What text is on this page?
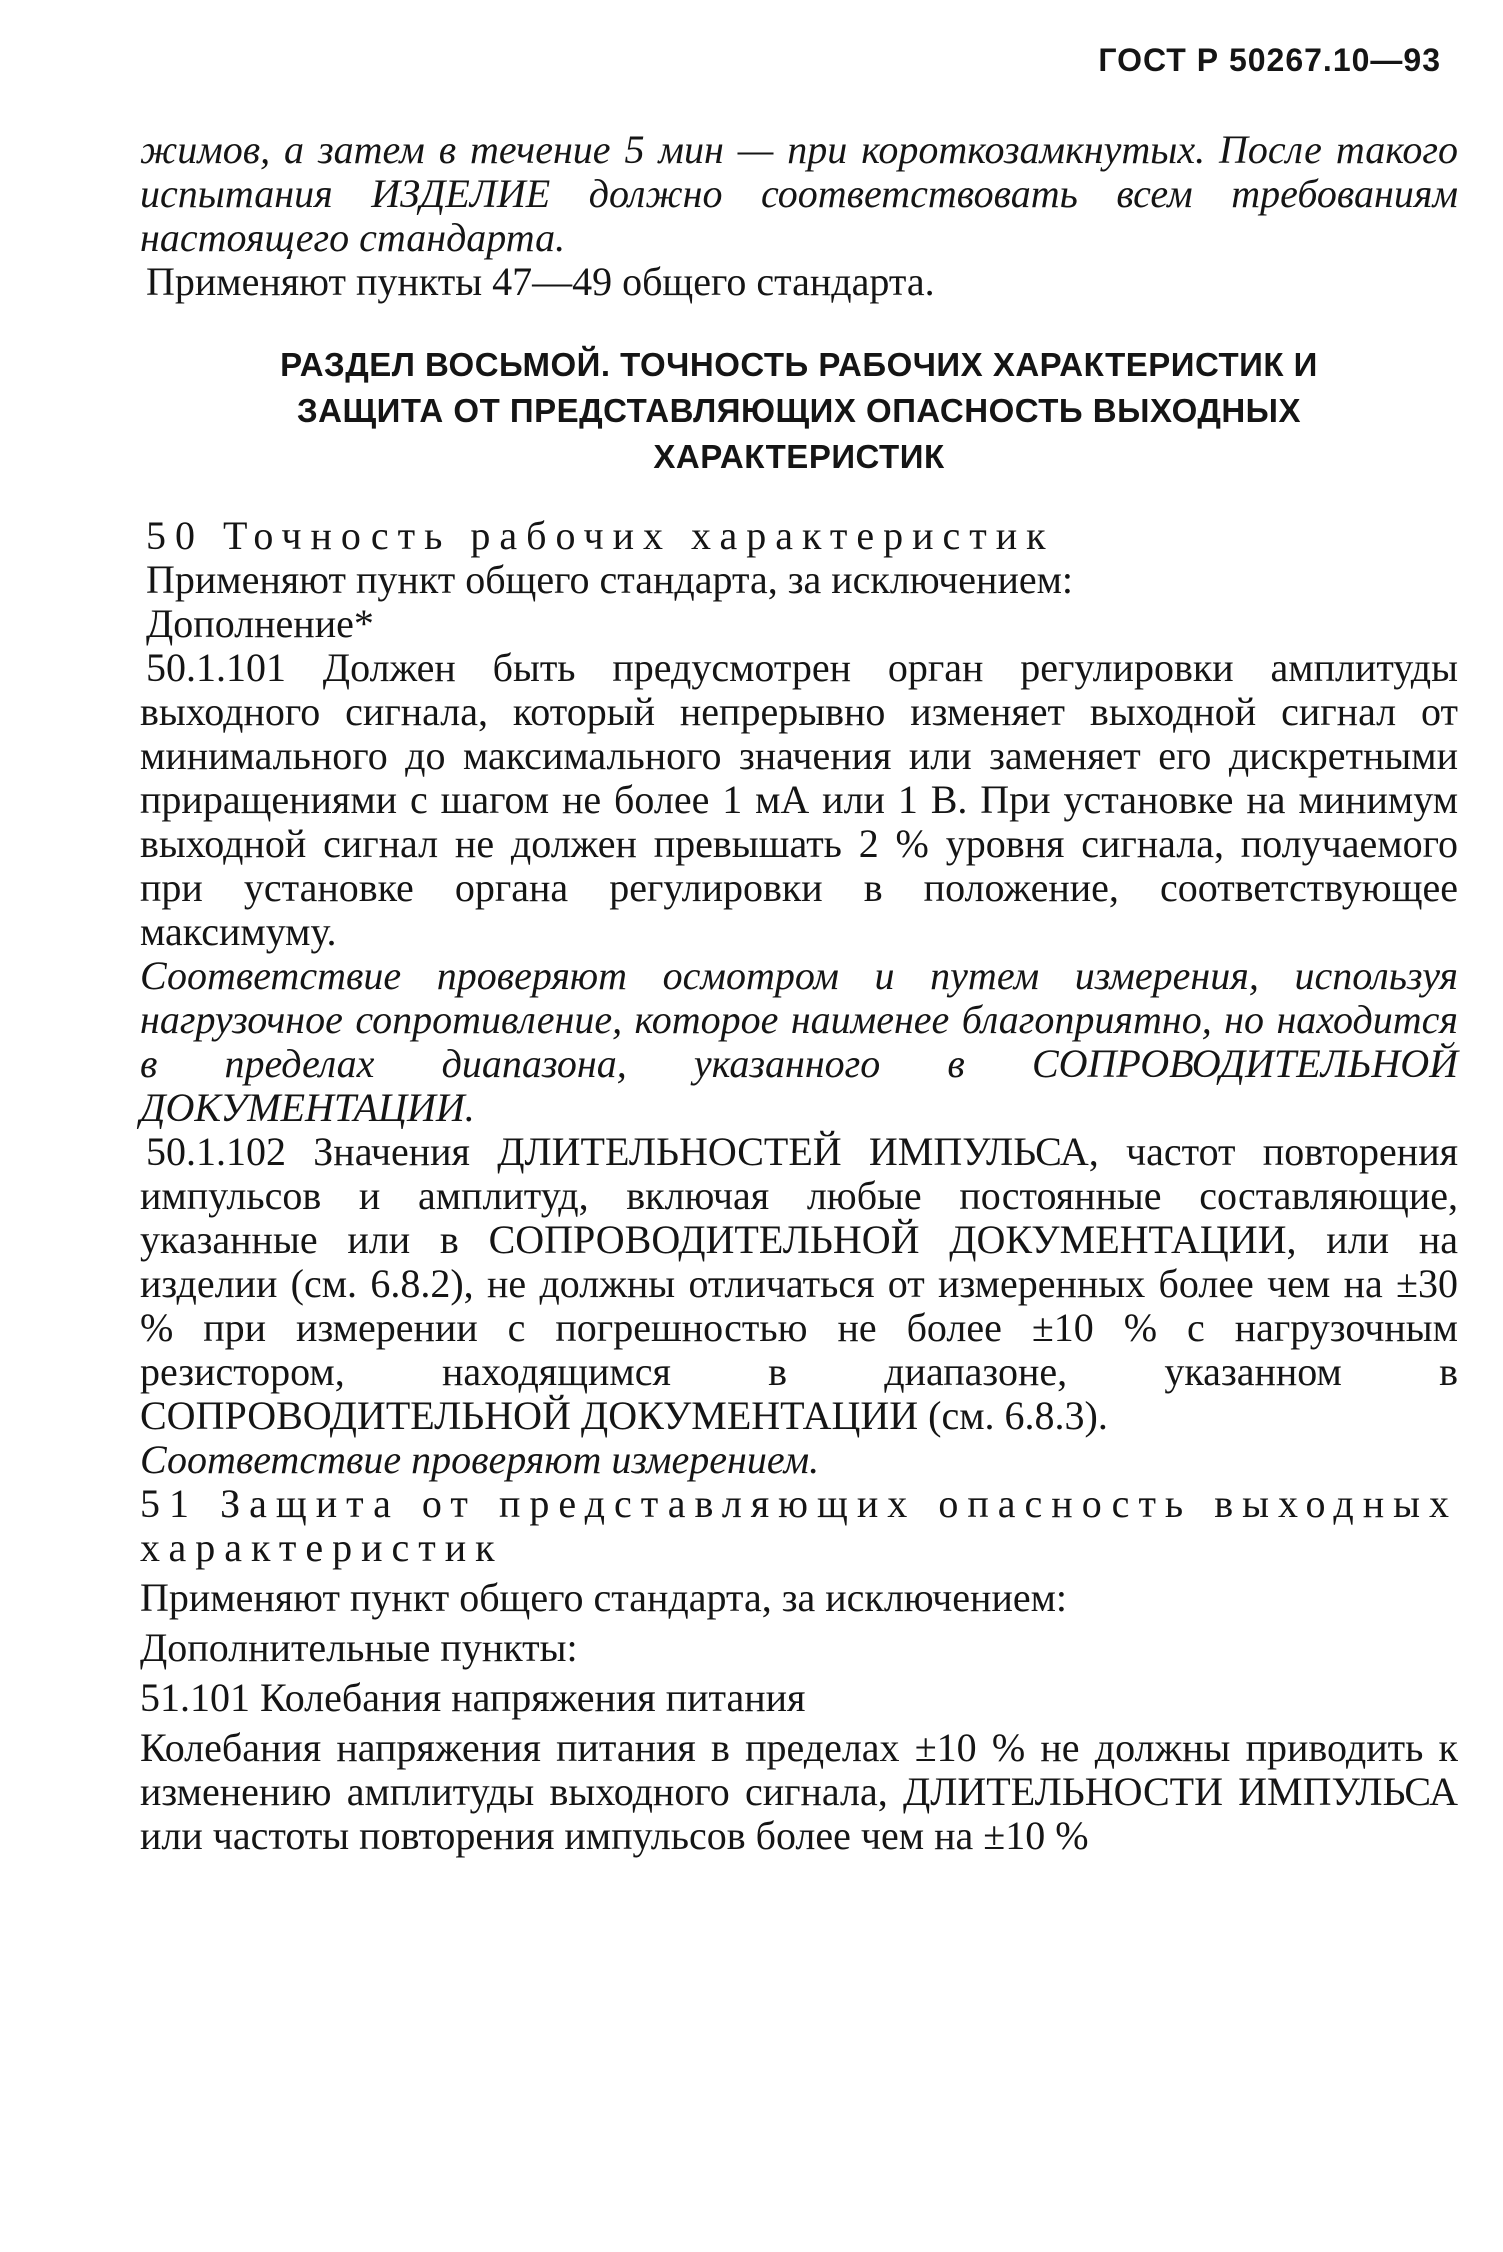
ГОСТ Р 50267.10—93

жимов, а затем в течение 5 мин — при короткозамкнутых. После такого испытания ИЗДЕЛИЕ должно соответствовать всем требованиям настоящего стандарта.

Применяют пункты 47—49 общего стандарта.

РАЗДЕЛ ВОСЬМОЙ. ТОЧНОСТЬ РАБОЧИХ ХАРАКТЕРИСТИК И ЗАЩИТА ОТ ПРЕДСТАВЛЯЮЩИХ ОПАСНОСТЬ ВЫХОДНЫХ ХАРАКТЕРИСТИК

50 Точность рабочих характеристик

Применяют пункт общего стандарта, за исключением:

Дополнение*

50.1.101 Должен быть предусмотрен орган регулировки амплитуды выходного сигнала, который непрерывно изменяет выходной сигнал от минимального до максимального значения или заменяет его дискретными приращениями с шагом не более 1 мА или 1 В. При установке на минимум выходной сигнал не должен превышать 2 % уровня сигнала, получаемого при установке органа регулировки в положение, соответствующее максимуму.

Соответствие проверяют осмотром и путем измерения, используя нагрузочное сопротивление, которое наименее благоприятно, но находится в пределах диапазона, указанного в СОПРОВОДИТЕЛЬНОЙ ДОКУМЕНТАЦИИ.

50.1.102 Значения ДЛИТЕЛЬНОСТЕЙ ИМПУЛЬСА, частот повторения импульсов и амплитуд, включая любые постоянные составляющие, указанные или в СОПРОВОДИТЕЛЬНОЙ ДОКУМЕНТАЦИИ, или на изделии (см. 6.8.2), не должны отличаться от измеренных более чем на ±30 % при измерении с погрешностью не более ±10 % с нагрузочным резистором, находящимся в диапазоне, указанном в СОПРОВОДИТЕЛЬНОЙ ДОКУМЕНТАЦИИ (см. 6.8.3).

Соответствие проверяют измерением.

51 Защита от представляющих опасность выходных характеристик

Применяют пункт общего стандарта, за исключением:

Дополнительные пункты:

51.101 Колебания напряжения питания

Колебания напряжения питания в пределах ±10 % не должны приводить к изменению амплитуды выходного сигнала, ДЛИТЕЛЬНОСТИ ИМПУЛЬСА или частоты повторения импульсов более чем на ±10 %
